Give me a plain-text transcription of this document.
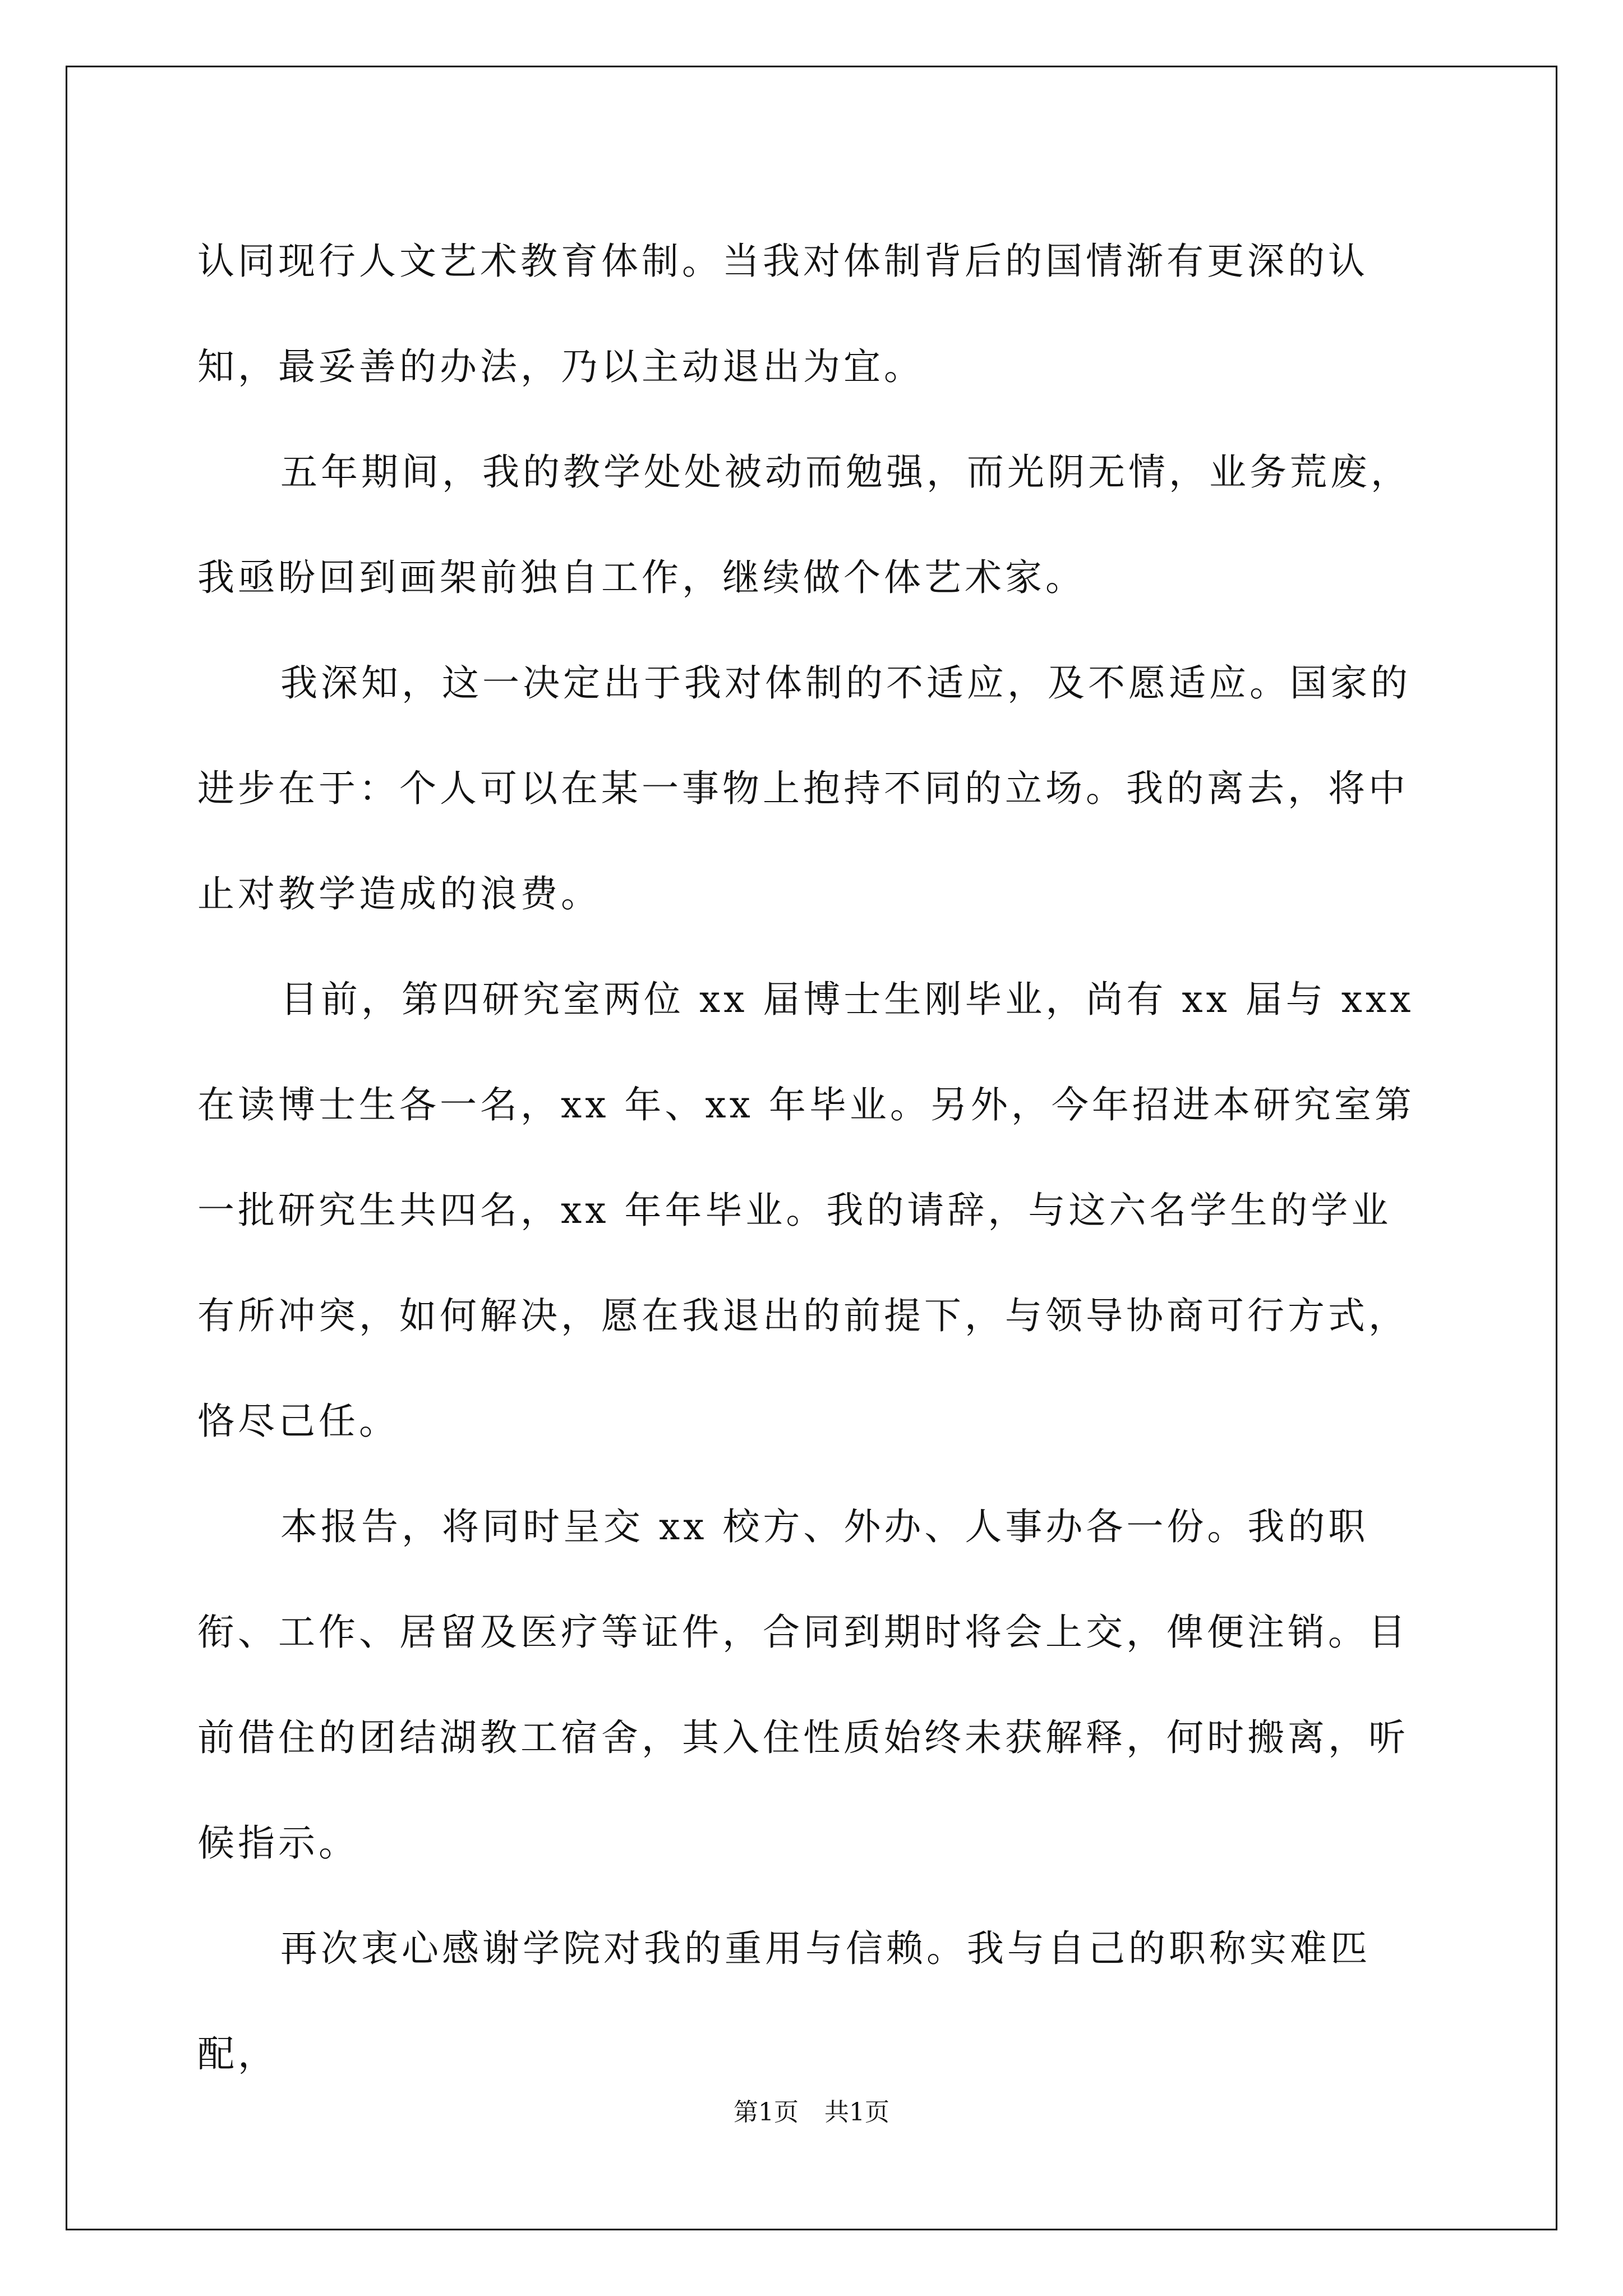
认同现行人文艺术教育体制。当我对体制背后的国情渐有更深的认知，最妥善的办法，乃以主动退出为宜。

五年期间，我的教学处处被动而勉强，而光阴无情，业务荒废，我亟盼回到画架前独自工作，继续做个体艺术家。

我深知，这一决定出于我对体制的不适应，及不愿适应。国家的进步在于：个人可以在某一事物上抱持不同的立场。我的离去，将中止对教学造成的浪费。

目前，第四研究室两位 xx 届博士生刚毕业，尚有 xx 届与 xxx 在读博士生各一名，xx 年、xx 年毕业。另外，今年招进本研究室第一批研究生共四名，xx 年年毕业。我的请辞，与这六名学生的学业有所冲突，如何解决，愿在我退出的前提下，与领导协商可行方式，恪尽己任。

本报告，将同时呈交 xx 校方、外办、人事办各一份。我的职衔、工作、居留及医疗等证件，合同到期时将会上交，俾便注销。目前借住的团结湖教工宿舍，其入住性质始终未获解释，何时搬离，听候指示。

再次衷心感谢学院对我的重用与信赖。我与自己的职称实难匹配，

第1页 共1页
